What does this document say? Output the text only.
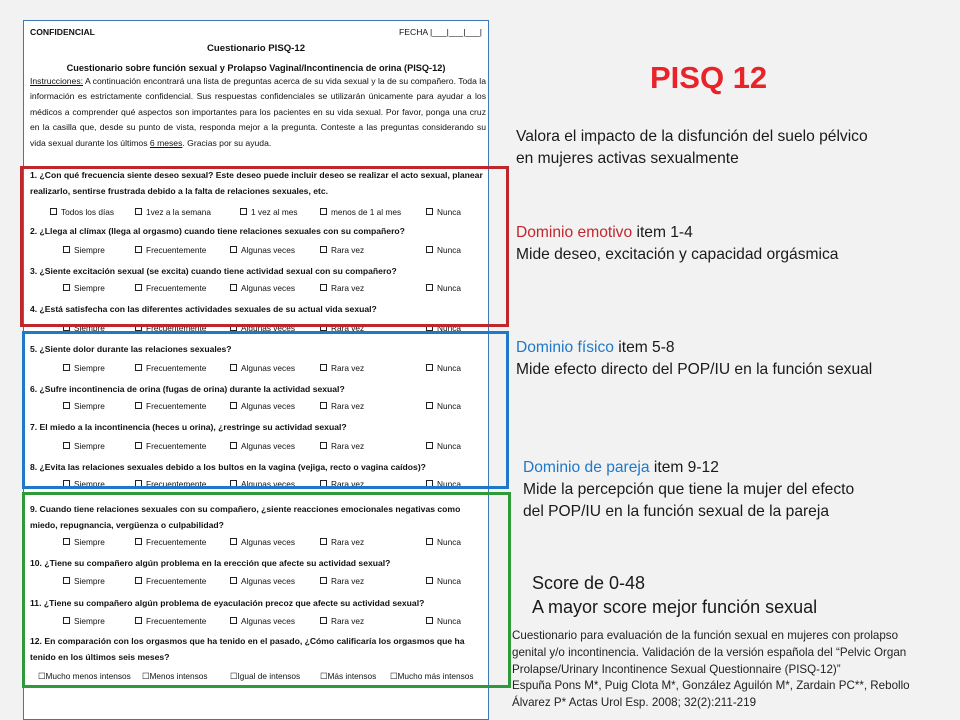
CONFIDENCIAL	FECHA |___|___|___|
Cuestionario PISQ-12
Cuestionario sobre función sexual y Prolapso Vaginal/Incontinencia de orina (PISQ-12)
Instrucciones: A continuación encontrará una lista de preguntas acerca de su vida sexual y la de su compañero. Toda la información es estrictamente confidencial. Sus respuestas confidenciales se utilizarán únicamente para ayudar a los médicos a comprender qué aspectos son importantes para los pacientes en su vida sexual. Por favor, ponga una cruz en la casilla que, desde su punto de vista, responda mejor a la pregunta. Conteste a las preguntas considerando su vida sexual durante los últimos 6 meses. Gracias por su ayuda.
1. ¿Con qué frecuencia siente deseo sexual? Este deseo puede incluir deseo se realizar el acto sexual, planear realizarlo, sentirse frustrada debido a la falta de relaciones sexuales, etc.
Todos los días	1vez a la semana	1 vez al mes	menos de 1 al mes	Nunca
2. ¿Llega al clímax (llega al orgasmo) cuando tiene relaciones sexuales con su compañero?
Siempre	Frecuentemente	Algunas veces	Rara vez	Nunca
3. ¿Siente excitación sexual (se excita) cuando tiene actividad sexual con su compañero?
Siempre	Frecuentemente	Algunas veces	Rara vez	Nunca
4. ¿Está satisfecha con las diferentes actividades sexuales de su actual vida sexual?
Siempre	Frecuentemente	Algunas veces	Rara vez	Nunca
5. ¿Siente dolor durante las relaciones sexuales?
Siempre	Frecuentemente	Algunas veces	Rara vez	Nunca
6. ¿Sufre incontinencia de orina (fugas de orina) durante la actividad sexual?
Siempre	Frecuentemente	Algunas veces	Rara vez	Nunca
7. El miedo a la incontinencia (heces u orina), ¿restringe su actividad sexual?
Siempre	Frecuentemente	Algunas veces	Rara vez	Nunca
8. ¿Evita las relaciones sexuales debido a los bultos en la vagina (vejiga, recto o vagina caídos)?
Siempre	Frecuentemente	Algunas veces	Rara vez	Nunca
9. Cuando tiene relaciones sexuales con su compañero, ¿siente reacciones emocionales negativas como miedo, repugnancia, vergüenza o culpabilidad?
Siempre	Frecuentemente	Algunas veces	Rara vez	Nunca
10. ¿Tiene su compañero algún problema en la erección que afecte su actividad sexual?
Siempre	Frecuentemente	Algunas veces	Rara vez	Nunca
11. ¿Tiene su compañero algún problema de eyaculación precoz que afecte su actividad sexual?
Siempre	Frecuentemente	Algunas veces	Rara vez	Nunca
12. En comparación con los orgasmos que ha tenido en el pasado, ¿Cómo calificaría los orgasmos que ha tenido en los últimos seis meses?
☐Mucho menos intensos ☐Menos intensos	☐Igual de intensos ☐Más intensos ☐Mucho más intensos
PISQ 12
Valora el impacto de la disfunción del suelo pélvico
en mujeres activas sexualmente
Dominio emotivo item 1-4
Mide deseo, excitación y capacidad orgásmica
Dominio físico item 5-8
Mide efecto directo del POP/IU en la función sexual
Dominio de pareja item 9-12
Mide la percepción que tiene la mujer del efecto
del POP/IU en la función sexual de la pareja
Score de 0-48
A mayor score mejor función sexual
Cuestionario para evaluación de la función sexual en mujeres con prolapso
genital y/o incontinencia. Validación de la versión española del “Pelvic Organ
Prolapse/Urinary Incontinence Sexual Questionnaire (PISQ-12)”
Espuña Pons M*, Puig Clota M*, González Aguilón M*, Zardain PC**, Rebollo
Álvarez P* Actas Urol Esp. 2008; 32(2):211-219
